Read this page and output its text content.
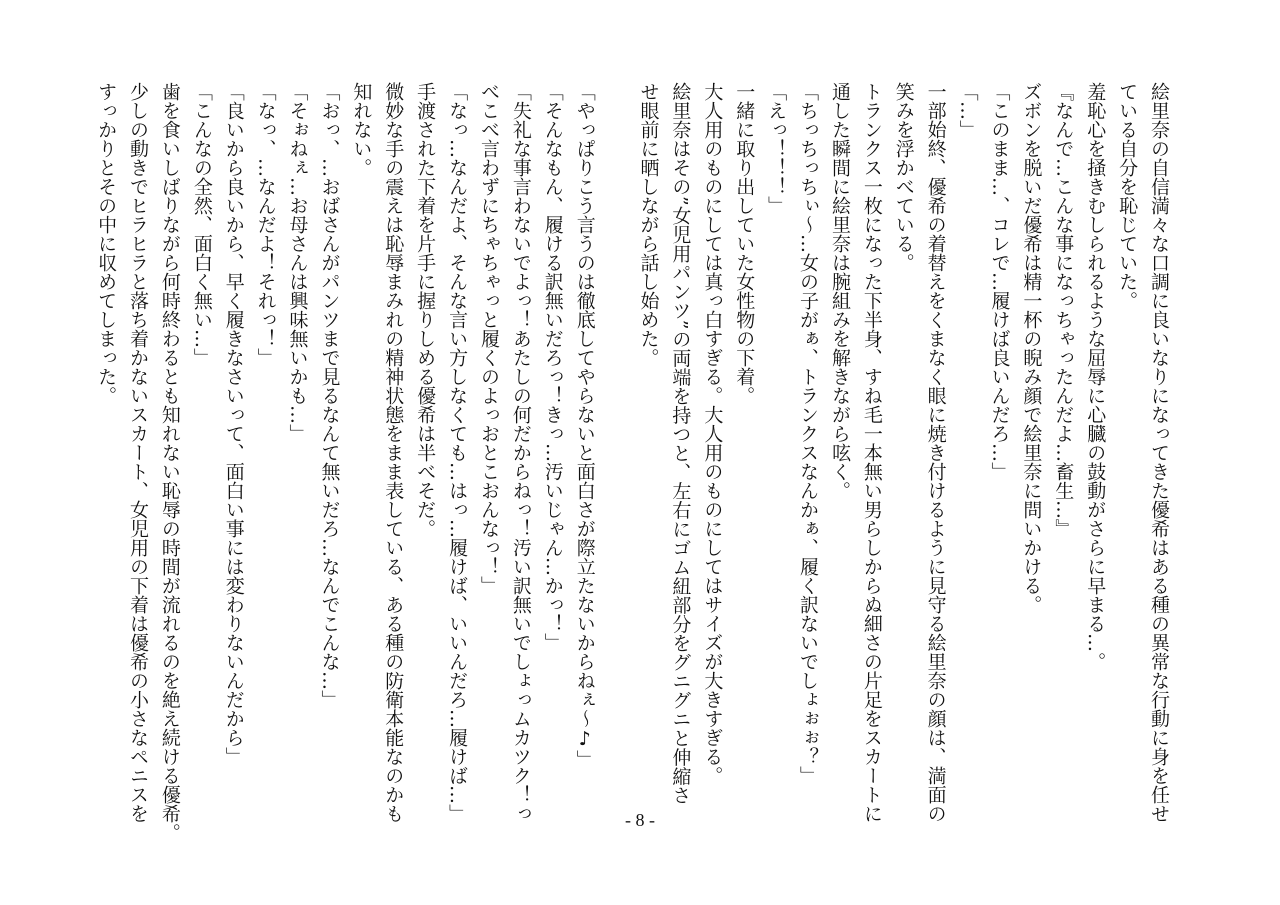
絵里奈の自信満々な口調に良いなりになってきた優希はある種の異常な行動に身を任せ
ている自分を恥じていた。
羞恥心を掻きむしられるような屈辱に心臓の鼓動がさらに早まる…。
『なんで…こんな事になっちゃったんだよ…畜生…』
ズボンを脱いだ優希は精一杯の睨み顔で絵里奈に問いかける。
「このまま…、コレで…履けば良いんだろ…」
「…」
一部始終、優希の着替えをくまなく眼に焼き付けるように見守る絵里奈の顔は、満面の
笑みを浮かべている。
トランクス一枚になった下半身、すね毛一本無い男らしからぬ細さの片足をスカートに
通した瞬間に絵里奈は腕組みを解きながら呟く。
「ちっちっちぃ～…女の子がぁ、トランクスなんかぁ、履く訳ないでしょぉぉ？」
「えっ！！！」
一緒に取り出していた女性物の下着。
大人用のものにしては真っ白すぎる。大人用のものにしてはサイズが大きすぎる。
絵里奈はその”女児用パンツ”の両端を持つと、左右にゴム紐部分をグニグニと伸縮さ
せ眼前に晒しながら話し始めた。
「やっぱりこう言うのは徹底してやらないと面白さが際立たないからねぇ～♪」
「そんなもん、履ける訳無いだろっ！きっ…汚いじゃん…かっ！」
「失礼な事言わないでよっ！あたしの何だからねっ！汚い訳無いでしょっムカツク！っ
べこべ言わずにちゃちゃっと履くのよっおとこおんなっ！」
「なっ…なんだよ、そんな言い方しなくても…はっ…履けば、いいんだろ…履けば…」
手渡された下着を片手に握りしめる優希は半べそだ。
微妙な手の震えは恥辱まみれの精神状態をまま表している、ある種の防衛本能なのかも
知れない。
「おっ、…おばさんがパンツまで見るなんて無いだろ…なんでこんな…」
「そぉねぇ…お母さんは興味無いかも…」
「なっ、…なんだよ！それっ！」
「良いから良いから、早く履きなさいって、面白い事には変わりないんだから」
「こんなの全然、面白く無い…」
歯を食いしばりながら何時終わるとも知れない恥辱の時間が流れるのを絶え続ける優希。
少しの動きでヒラヒラと落ち着かないスカート、女児用の下着は優希の小さなペニスを
すっかりとその中に収めてしまった。
- 8 -
